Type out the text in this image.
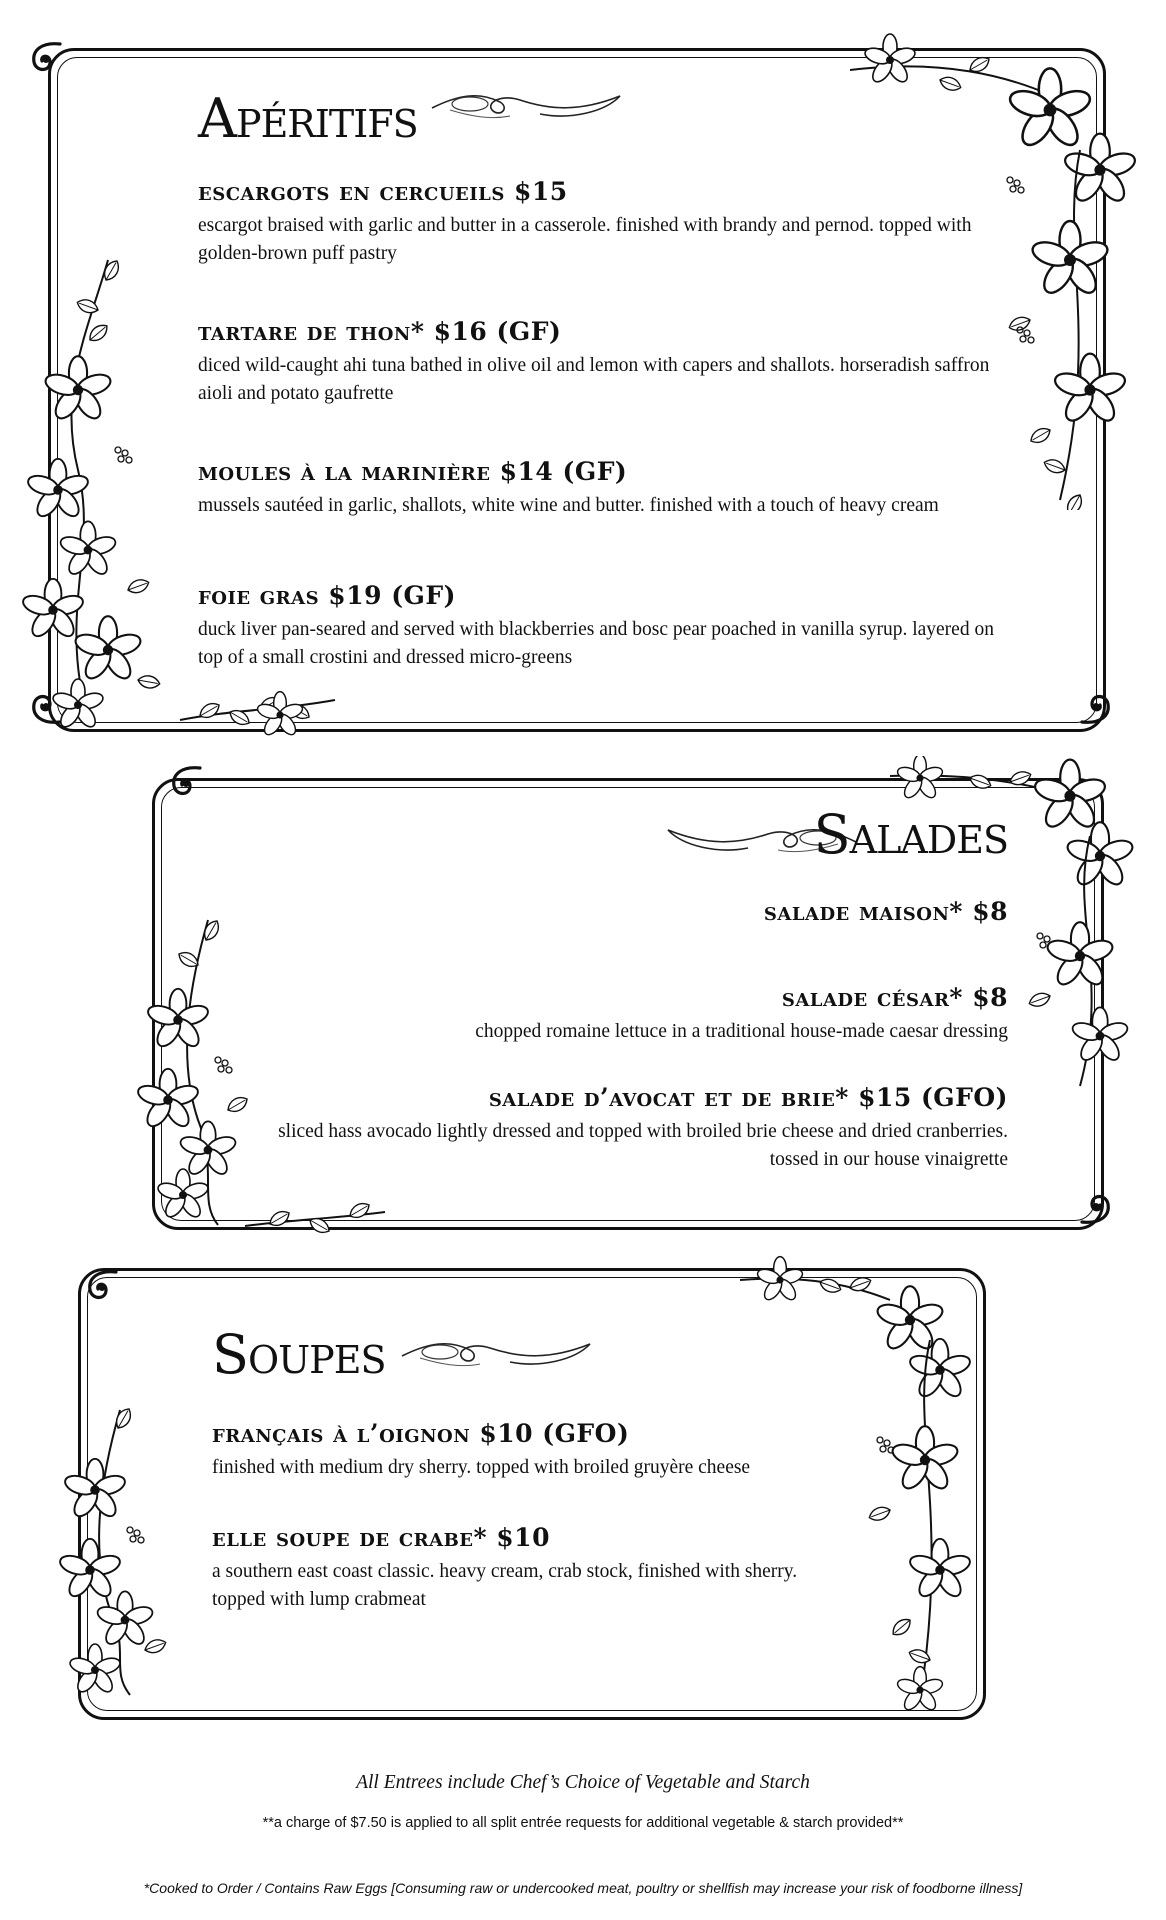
Apéritifs
escargots en cercueils $15
escargot braised with garlic and butter in a casserole. finished with brandy and pernod. topped with golden-brown puff pastry
tartare de thon* $16 (GF)
diced wild-caught ahi tuna bathed in olive oil and lemon with capers and shallots. horseradish saffron aioli and potato gaufrette
moules à la marinière $14 (GF)
mussels sautéed in garlic, shallots, white wine and butter. finished with a touch of heavy cream
foie gras $19 (GF)
duck liver pan-seared and served with blackberries and bosc pear poached in vanilla syrup. layered on top of a small crostini and dressed micro-greens
Salades
salade maison* $8
salade césar* $8
chopped romaine lettuce in a traditional house-made caesar dressing
salade d’avocat et de brie* $15 (GFO)
sliced hass avocado lightly dressed and topped with broiled brie cheese and dried cranberries. tossed in our house vinaigrette
Soupes
français à l’oignon $10 (GFO)
finished with medium dry sherry. topped with broiled gruyère cheese
elle soupe de crabe* $10
a southern east coast classic. heavy cream, crab stock, finished with sherry. topped with lump crabmeat
All Entrees include Chef’s Choice of Vegetable and Starch
**a charge of $7.50 is applied to all split entrée requests for additional vegetable & starch provided**
*Cooked to Order / Contains Raw Eggs [Consuming raw or undercooked meat, poultry or shellfish may increase your risk of foodborne illness]
